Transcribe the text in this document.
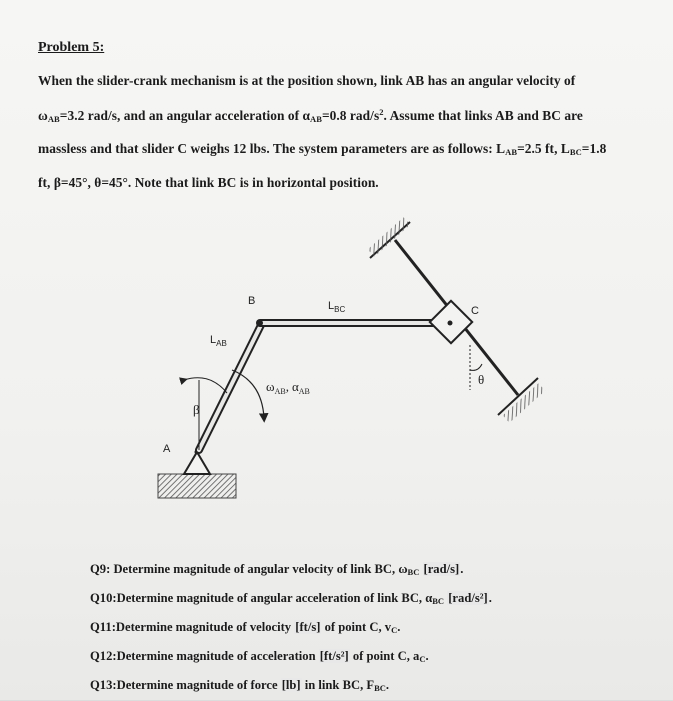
Problem 5:
When the slider-crank mechanism is at the position shown, link AB has an angular velocity of
$\omega_{AB}=3.2$ rad/s, and an angular acceleration of $\alpha_{AB}=0.8$ rad/$s^2$. Assume that links AB and BC are
massless and that slider C weighs 12 lbs. The system parameters are as follows: $L_{AB}=2.5$ ft, $L_{BC}=1.8$
ft, β=45°, θ=45°. Note that link BC is in horizontal position.
B
C
A
$L_{AB}$
$L_{BC}$
$\omega_{AB}$, $\alpha_{AB}$
β
θ
Q9: Determine magnitude of angular velocity of link BC, $\omega_{BC}$ [rad/s].
Q10:Determine magnitude of angular acceleration of link BC, $\alpha_{BC}$ [rad/s²].
Q11:Determine magnitude of velocity [ft/s] of point C, $v_C$.
Q12:Determine magnitude of acceleration [ft/s²] of point C, $a_C$.
Q13:Determine magnitude of force [lb] in link BC, $F_{BC}$.
